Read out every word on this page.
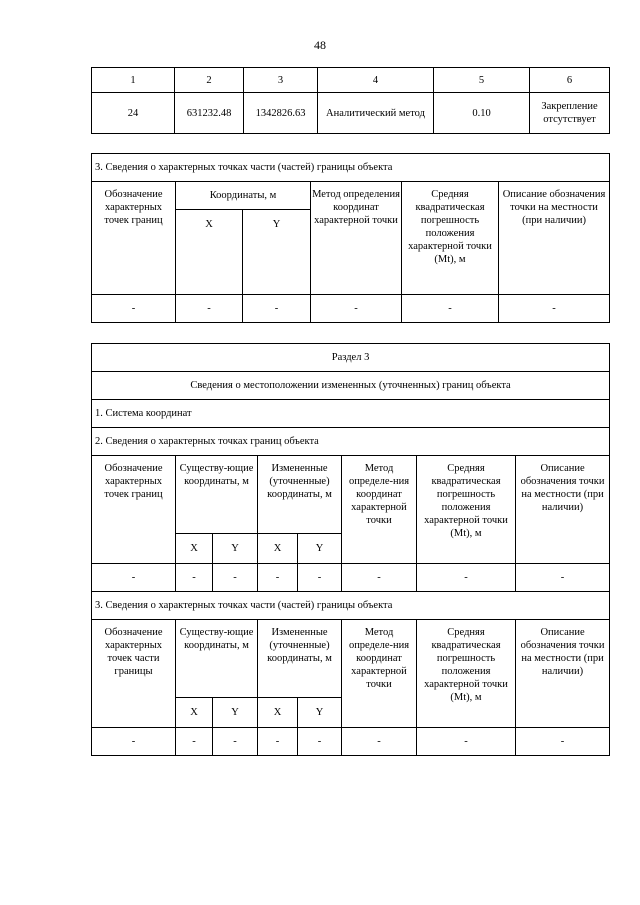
48
1	2	3	4	5	6
24	631232.48	1342826.63	Аналитический метод	0.10	Закрепление отсутствует
3. Сведения о характерных точках части (частей) границы объекта					
Обозначение характерных точек границ	Координаты, м		Метод определения координат характерной точки	Средняя квадратическая погрешность положения характерной точки (Mt), м	Описание обозначения точки на местности (при наличии)
	X	Y			
-	-	-	-	-	-
Раздел 3							
Сведения о местоположении измененных (уточненных) границ объекта							
1. Система координат							
2. Сведения о характерных точках границ объекта							
Обозначение характерных точек границ	Существу-ющие координаты, м		Измененные (уточненные) координаты, м		Метод определе-ния координат характерной точки	Средняя квадратическая погрешность положения характерной точки (Mt), м	Описание обозначения точки на местности (при наличии)
	X	Y	X	Y			
-	-	-	-	-	-	-	-
3. Сведения о характерных точках части (частей) границы объекта							
Обозначение характерных точек части границы	Существу-ющие координаты, м		Измененные (уточненные) координаты, м		Метод определе-ния координат характерной точки	Средняя квадратическая погрешность положения характерной точки (Mt), м	Описание обозначения точки на местности (при наличии)
	X	Y	X	Y			
-	-	-	-	-	-	-	-
